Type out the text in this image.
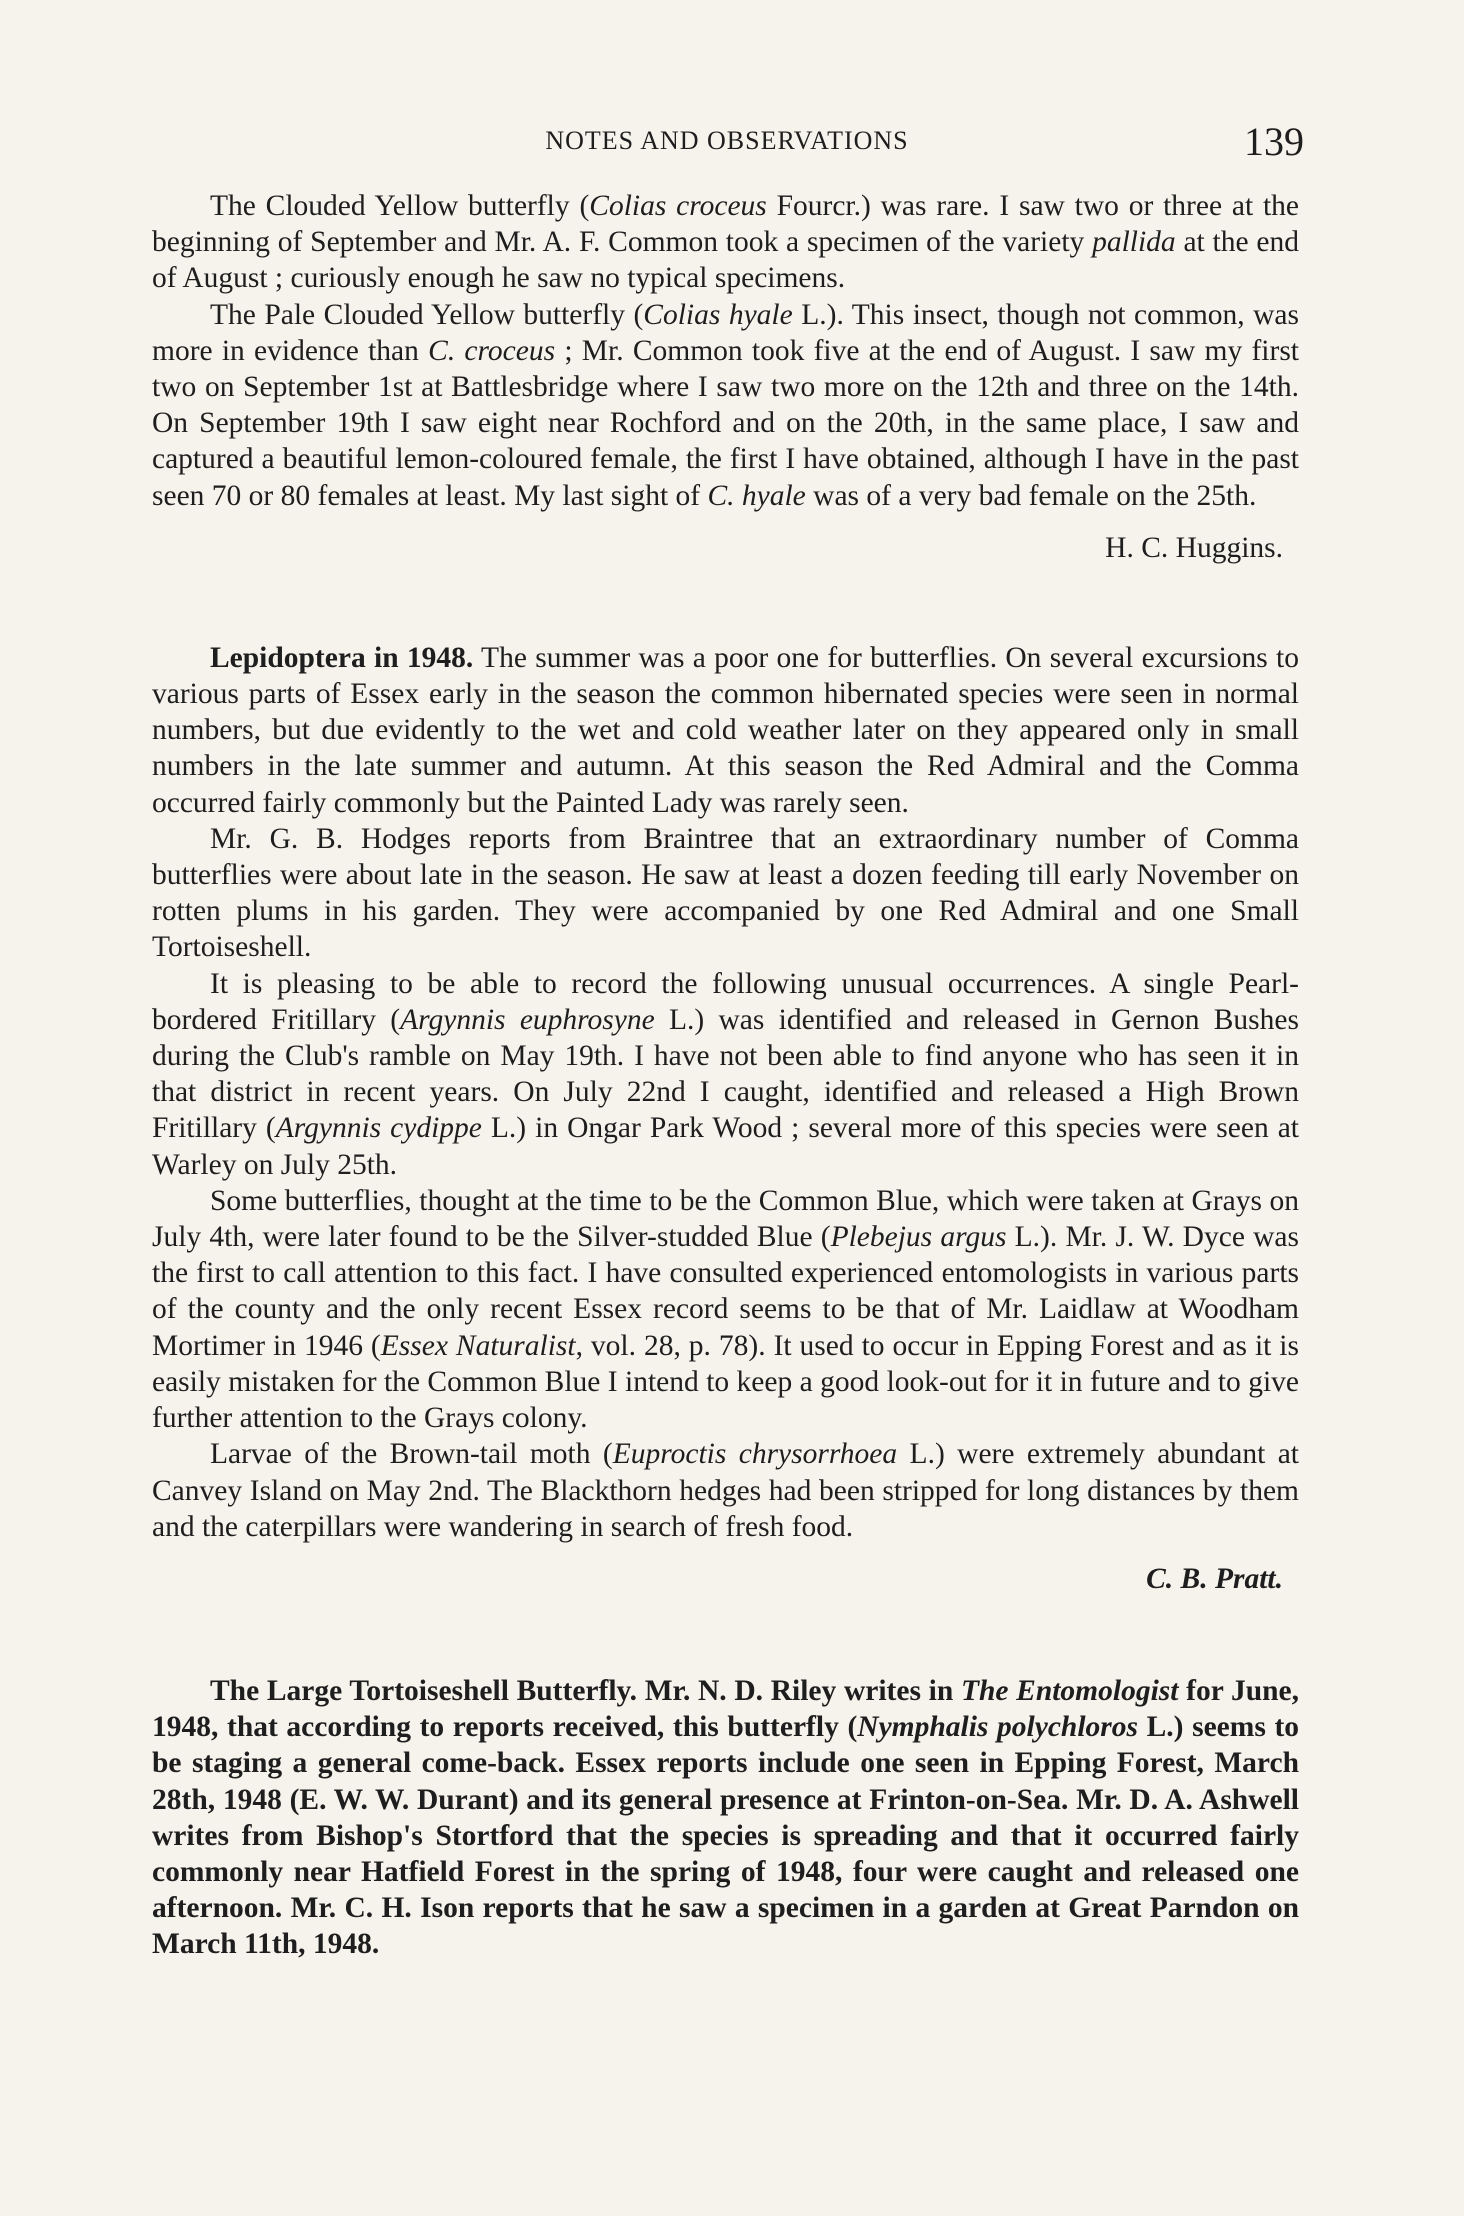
NOTES AND OBSERVATIONS	139

The Clouded Yellow butterfly (Colias croceus Fourcr.) was rare. I saw two or three at the beginning of September and Mr. A. F. Common took a specimen of the variety pallida at the end of August ; curiously enough he saw no typical specimens.

The Pale Clouded Yellow butterfly (Colias hyale L.). This insect, though not common, was more in evidence than C. croceus ; Mr. Common took five at the end of August. I saw my first two on September 1st at Battlesbridge where I saw two more on the 12th and three on the 14th. On September 19th I saw eight near Rochford and on the 20th, in the same place, I saw and captured a beautiful lemon-coloured female, the first I have obtained, although I have in the past seen 70 or 80 females at least. My last sight of C. hyale was of a very bad female on the 25th.

H. C. Huggins.

Lepidoptera in 1948. The summer was a poor one for butterflies. On several excursions to various parts of Essex early in the season the common hibernated species were seen in normal numbers, but due evidently to the wet and cold weather later on they appeared only in small numbers in the late summer and autumn. At this season the Red Admiral and the Comma occurred fairly commonly but the Painted Lady was rarely seen.

Mr. G. B. Hodges reports from Braintree that an extraordinary number of Comma butterflies were about late in the season. He saw at least a dozen feeding till early November on rotten plums in his garden. They were accompanied by one Red Admiral and one Small Tortoiseshell.

It is pleasing to be able to record the following unusual occurrences. A single Pearl-bordered Fritillary (Argynnis euphrosyne L.) was identified and released in Gernon Bushes during the Club's ramble on May 19th. I have not been able to find anyone who has seen it in that district in recent years. On July 22nd I caught, identified and released a High Brown Fritillary (Argynnis cydippe L.) in Ongar Park Wood ; several more of this species were seen at Warley on July 25th.

Some butterflies, thought at the time to be the Common Blue, which were taken at Grays on July 4th, were later found to be the Silver-studded Blue (Plebejus argus L.). Mr. J. W. Dyce was the first to call attention to this fact. I have consulted experienced entomologists in various parts of the county and the only recent Essex record seems to be that of Mr. Laidlaw at Woodham Mortimer in 1946 (Essex Naturalist, vol. 28, p. 78). It used to occur in Epping Forest and as it is easily mistaken for the Common Blue I intend to keep a good look-out for it in future and to give further attention to the Grays colony.

Larvae of the Brown-tail moth (Euproctis chrysorrhoea L.) were extremely abundant at Canvey Island on May 2nd. The Blackthorn hedges had been stripped for long distances by them and the caterpillars were wandering in search of fresh food.

C. B. Pratt.

The Large Tortoiseshell Butterfly. Mr. N. D. Riley writes in The Entomologist for June, 1948, that according to reports received, this butterfly (Nymphalis polychloros L.) seems to be staging a general come-back. Essex reports include one seen in Epping Forest, March 28th, 1948 (E. W. W. Durant) and its general presence at Frinton-on-Sea. Mr. D. A. Ashwell writes from Bishop's Stortford that the species is spreading and that it occurred fairly commonly near Hatfield Forest in the spring of 1948, four were caught and released one afternoon. Mr. C. H. Ison reports that he saw a specimen in a garden at Great Parndon on March 11th, 1948.
